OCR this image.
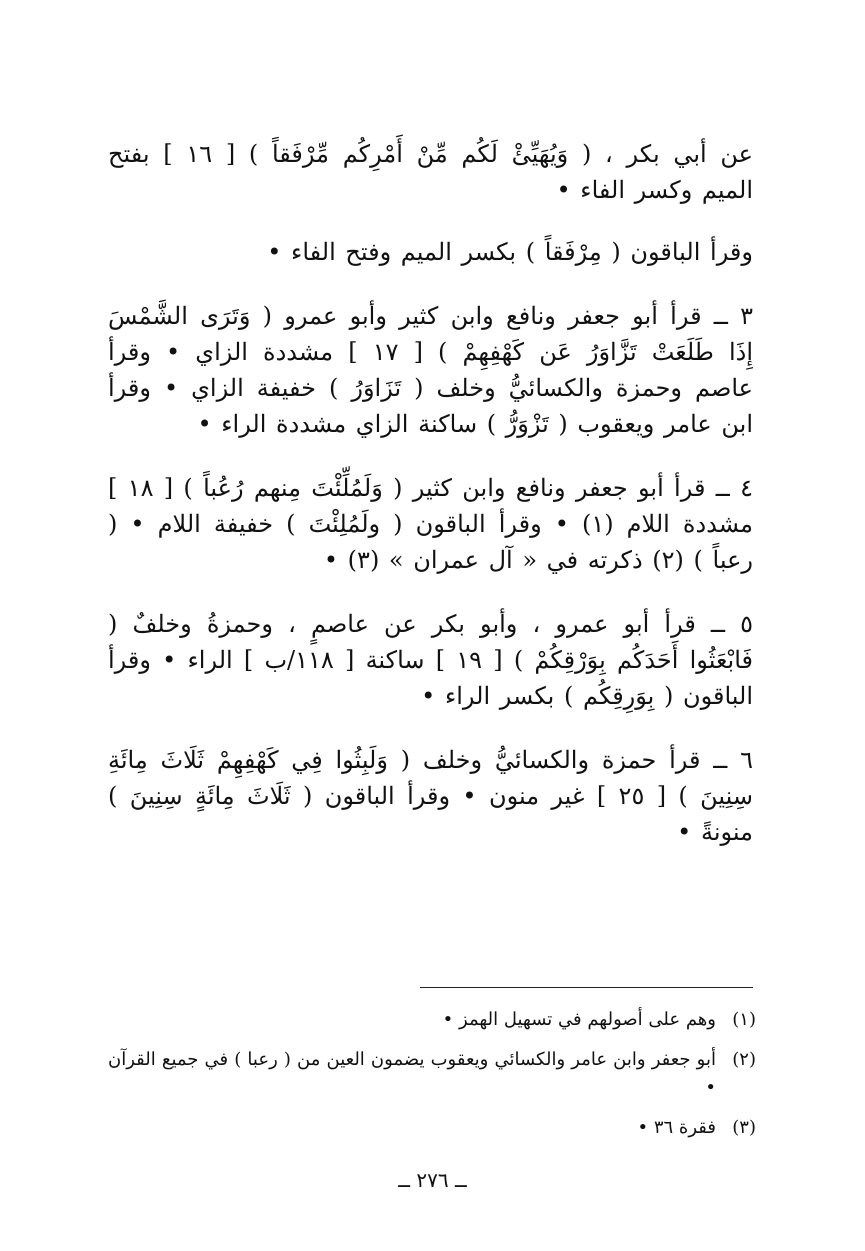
عن أبي بكر ، ( وَيُهَيِّئْ لَكُم مِّنْ أَمْرِكُم مِّرْفَقاً ) [ ١٦ ] بفتح الميم وكسر الفاء •

وقرأ الباقون ( مِرْفَقاً ) بكسر الميم وفتح الفاء •

٣ ــ قرأ أبو جعفر ونافع وابن كثير وأبو عمرو ( وَتَرَى الشَّمْسَ إِذَا طَلَعَتْ تَزَّاوَرُ عَن كَهْفِهِمْ ) [ ١٧ ] مشددة الزاي • وقرأ عاصم وحمزة والكسائيُّ وخلف ( تَزَاوَرُ ) خفيفة الزاي • وقرأ ابن عامر ويعقوب ( تَزْوَرُّ ) ساكنة الزاي مشددة الراء •

٤ ــ قرأ أبو جعفر ونافع وابن كثير ( وَلَمُلِّئْتَ مِنهم رُعُباً ) [ ١٨ ] مشددة اللام (١) • وقرأ الباقون ( ولَمُلِئْتَ ) خفيفة اللام • ( رعباً ) (٢) ذكرته في « آل عمران » (٣) •

٥ ــ قرأ أبو عمرو ، وأبو بكر عن عاصمٍ ، وحمزةُ وخلفٌ ( فَابْعَثُوا أَحَدَكُم بِوَرْقِكُمْ ) [ ١٩ ] ساكنة [ ١١٨/ب ] الراء • وقرأ الباقون ( بِوَرِقِكُم ) بكسر الراء •

٦ ــ قرأ حمزة والكسائيُّ وخلف ( وَلَبِثُوا فِي كَهْفِهِمْ ثَلَاثَ مِائَةِ سِنِينَ ) [ ٢٥ ] غير منون • وقرأ الباقون ( ثَلَاثَ مِائَةٍ سِنِينَ ) منونةً •

(١)
وهم على أصولهم في تسهيل الهمز •
(٢)
أبو جعفر وابن عامر والكسائي ويعقوب يضمون العين من ( رعبا ) في جميع القرآن •
(٣)
فقرة ٣٦ •
ــ ٢٧٦ ــ
